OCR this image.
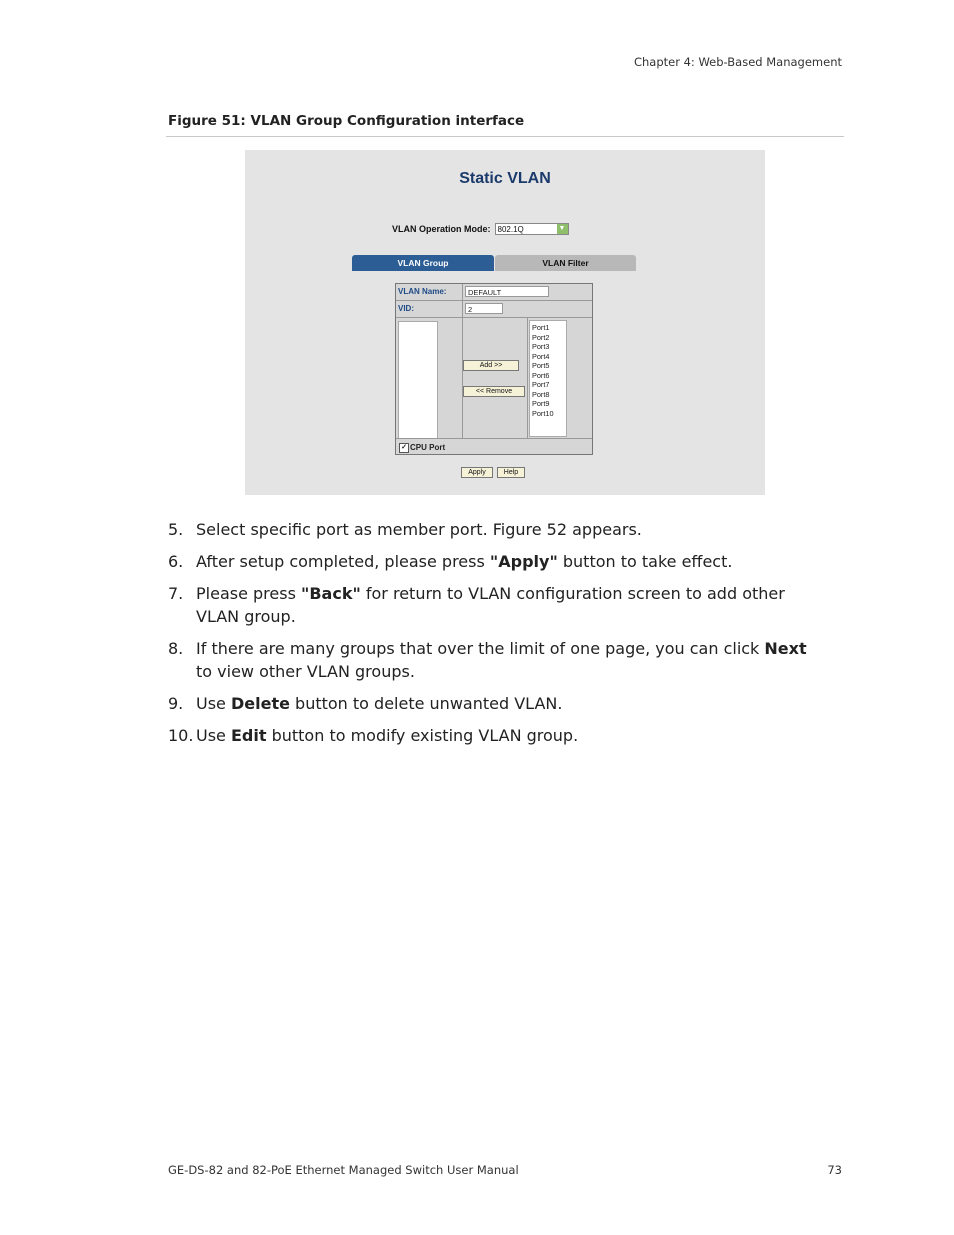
Chapter 4: Web-Based Management
Figure 51: VLAN Group Configuration interface
Static VLAN
VLAN Operation Mode: 802.1Q	▼
VLAN Group	VLAN Filter
VLAN Name:	DEFAULT
VID:	2
Add >>
<< Remove
Port1
Port2
Port3
Port4
Port5
Port6
Port7
Port8
Port9
Port10
✓ CPU Port
Apply	Help
5. Select specific port as member port. Figure 52 appears.
6. After setup completed, please press "Apply" button to take effect.
7. Please press "Back" for return to VLAN configuration screen to add other VLAN group.
8. If there are many groups that over the limit of one page, you can click Next to view other VLAN groups.
9. Use Delete button to delete unwanted VLAN.
10. Use Edit button to modify existing VLAN group.
GE-DS-82 and 82-PoE Ethernet Managed Switch User Manual	73
